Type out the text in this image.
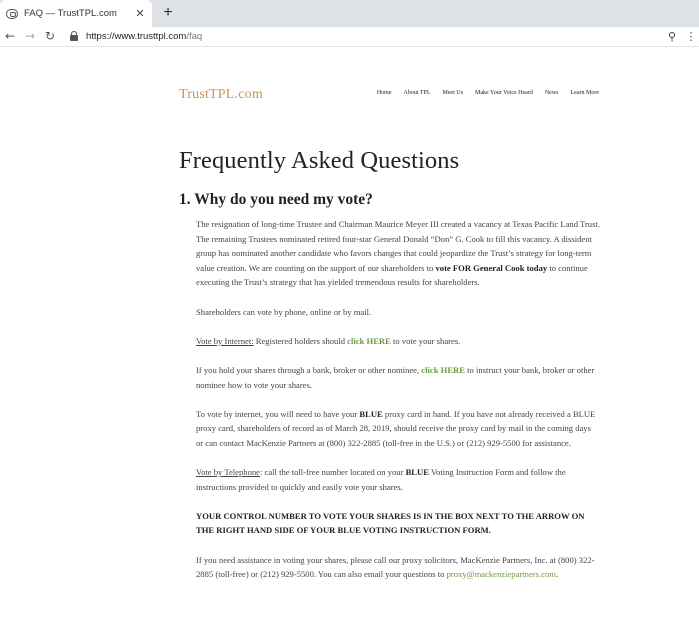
FAQ — TrustTPL.com	✕ +
← → ↻	https://www.trusttpl.com/faq	⚲ ⋮
TrustTPL.com	Home About TPL Meet Us Make Your Voice Heard News Learn More
Frequently Asked Questions
1. Why do you need my vote?

The resignation of long-time Trustee and Chairman Maurice Meyer III created a vacancy at Texas Pacific Land Trust. The remaining Trustees nominated retired four-star General Donald “Don” G. Cook to fill this vacancy. A dissident group has nominated another candidate who favors changes that could jeopardize the Trust’s strategy for long-term value creation. We are counting on the support of our shareholders to vote FOR General Cook today to continue executing the Trust’s strategy that has yielded tremendous results for shareholders.

Shareholders can vote by phone, online or by mail.

Vote by Internet: Registered holders should click HERE to vote your shares.

If you hold your shares through a bank, broker or other nominee, click HERE to instruct your bank, broker or other nominee how to vote your shares.

To vote by internet, you will need to have your BLUE proxy card in hand. If you have not already received a BLUE proxy card, shareholders of record as of March 28, 2019, should receive the proxy card by mail in the coming days or can contact MacKenzie Partners at (800) 322-2885 (toll-free in the U.S.) or (212) 929-5500 for assistance.

Vote by Telephone: call the toll-free number located on your BLUE Voting Instruction Form and follow the instructions provided to quickly and easily vote your shares.

YOUR CONTROL NUMBER TO VOTE YOUR SHARES IS IN THE BOX NEXT TO THE ARROW ON THE RIGHT HAND SIDE OF YOUR BLUE VOTING INSTRUCTION FORM.

If you need assistance in voting your shares, please call our proxy solicitors, MacKenzie Partners, Inc. at (800) 322-2885 (toll-free) or (212) 929-5500. You can also email your questions to proxy@mackenziepartners.com.
